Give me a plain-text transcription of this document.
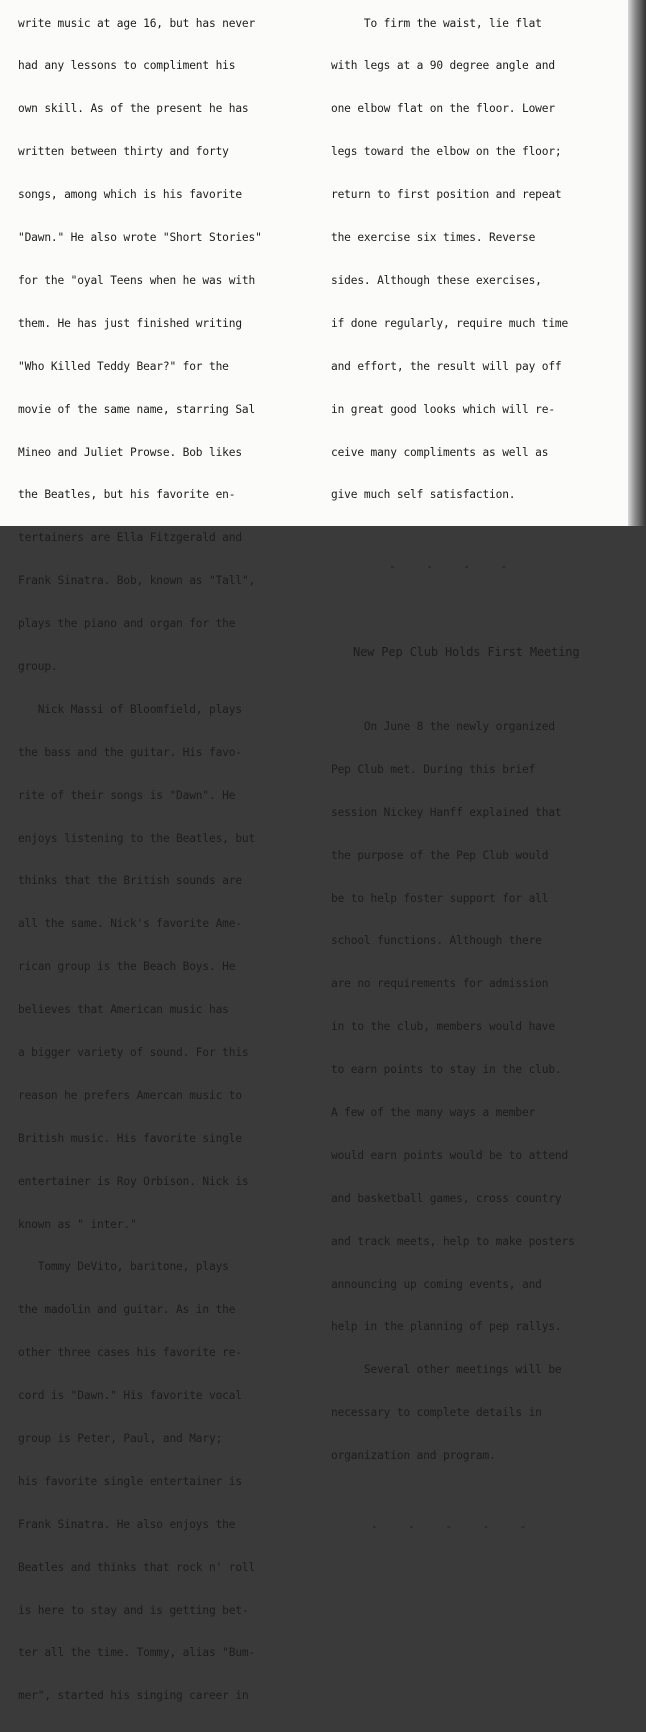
write music at age 16, but has never

had any lessons to compliment his

own skill. As of the present he has

written between thirty and forty

songs, among which is his favorite

"Dawn." He also wrote "Short Stories"

for the "oyal Teens when he was with

them. He has just finished writing

"Who Killed Teddy Bear?" for the

movie of the same name, starring Sal

Mineo and Juliet Prowse. Bob likes

the Beatles, but his favorite en-

tertainers are Ella Fitzgerald and

Frank Sinatra. Bob, known as "Tall",

plays the piano and organ for the

group.

Nick Massi of Bloomfield, plays

the bass and the guitar. His favo-

rite of their songs is "Dawn". He

enjoys listening to the Beatles, but

thinks that the British sounds are

all the same. Nick's favorite Ame-

rican group is the Beach Boys. He

believes that American music has

a bigger variety of sound. For this

reason he prefers Amercan music to

British music. His favorite single

entertainer is Roy Orbison. Nick is

known as " inter."

Tommy DeVito, baritone, plays

the madolin and guitar. As in the

other three cases his favorite re-

cord is "Dawn." His favorite vocal

group is Peter, Paul, and Mary;

his favorite single entertainer is

Frank Sinatra. He also enjoys the

Beatles and thinks that rock n' roll

is here to stay and is getting bet-

ter all the time. Tommy, alias "Bum-

mer", started his singing career in

To firm the waist, lie flat

with legs at a 90 degree angle and

one elbow flat on the floor. Lower

legs toward the elbow on the floor;

return to first position and repeat

the exercise six times. Reverse

sides. Although these exercises,

if done regularly, require much time

and effort, the result will pay off

in great good looks which will re-

ceive many compliments as well as

give much self satisfaction.

- - - -

New Pep Club Holds First Meeting

On June 8 the newly organized

Pep Club met. During this brief

session Nickey Hanff explained that

the purpose of the Pep Club would

be to help foster support for all

school functions. Although there

are no requirements for admission

in to the club, members would have

to earn points to stay in the club.

A few of the many ways a member

would earn points would be to attend

and basketball games, cross country

and track meets, help to make posters

announcing up coming events, and

help in the planning of pep rallys.

Several other meetings will be

necessary to complete details in

organization and program.

- - - - -
